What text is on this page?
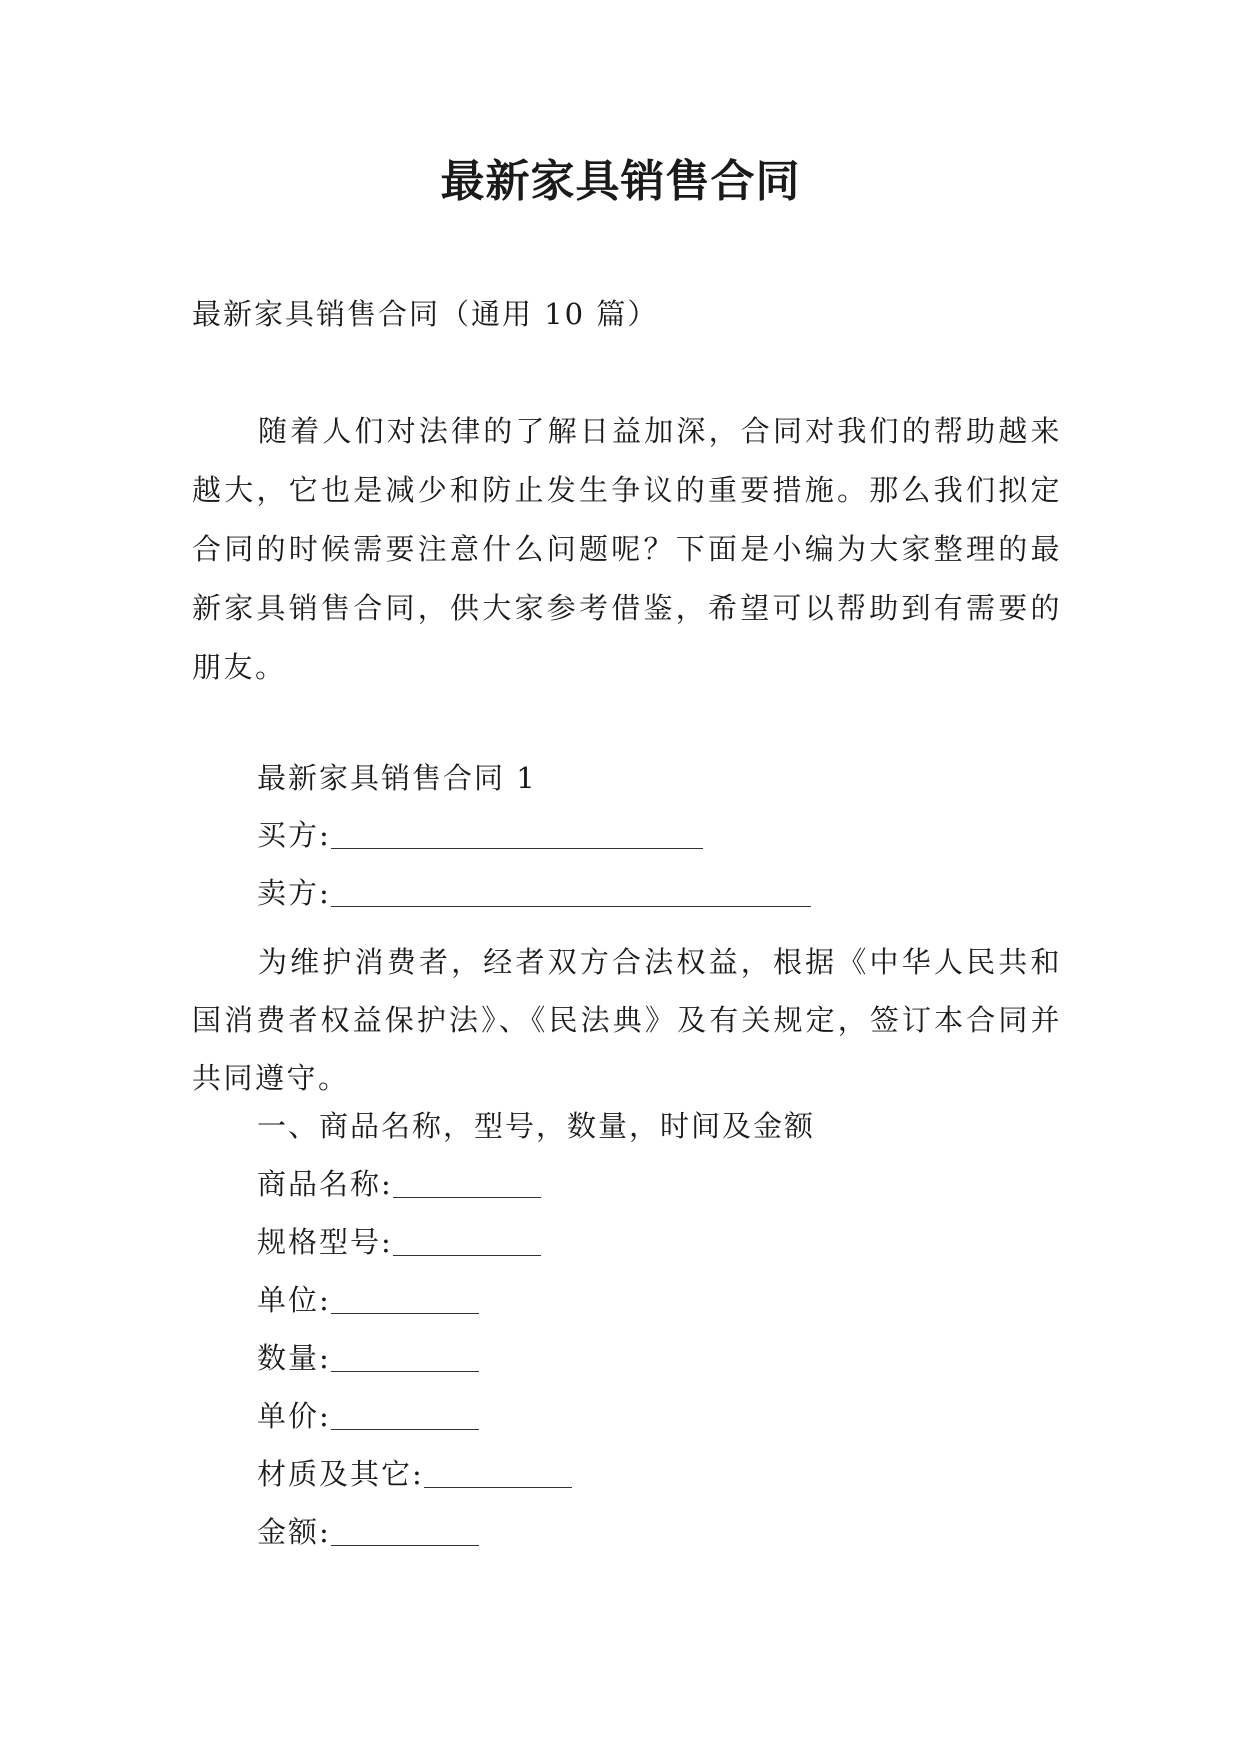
最新家具销售合同
最新家具销售合同（通用 10 篇）
随着人们对法律的了解日益加深，合同对我们的帮助越来越大，它也是减少和防止发生争议的重要措施。那么我们拟定合同的时候需要注意什么问题呢？下面是小编为大家整理的最新家具销售合同，供大家参考借鉴，希望可以帮助到有需要的朋友。
最新家具销售合同 1
买方:
卖方:
为维护消费者，经者双方合法权益，根据《中华人民共和国消费者权益保护法》、《民法典》及有关规定，签订本合同并共同遵守。
一、商品名称，型号，数量，时间及金额
商品名称:
规格型号:
单位:
数量:
单价:
材质及其它:
金额:
